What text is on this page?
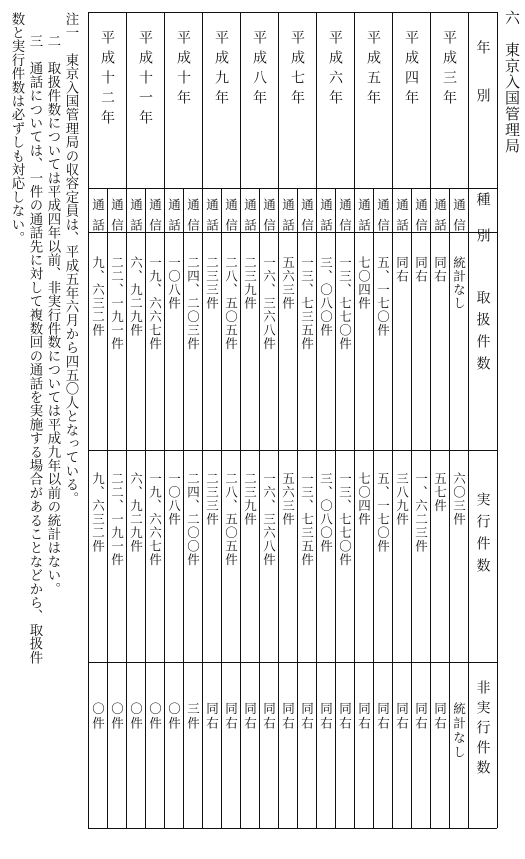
六　東京入国管理局
年　別
種　別
取扱件数
実行件数
非実行件数
平成三年
平成四年
平成五年
平成六年
平成七年
平成八年
平成九年
平成十年
平成十一年
平成十二年
通信
統計なし
六〇三件
統計なし
通話
同右
五七件
同右
通信
同右
一、六二三件
同右
通話
同右
三八九件
同右
通信
五、一七〇件
五、一七〇件
同右
通話
七〇四件
七〇四件
同右
通信
一三、七七〇件
一三、七七〇件
同右
通話
三、〇八〇件
三、〇八〇件
同右
通信
一三、七三五件
一三、七三五件
同右
通話
五六三件
五六三件
同右
通信
一六、三六八件
一六、三六八件
同右
通話
二三九件
二三九件
同右
通信
二八、五〇五件
二八、五〇五件
同右
通話
二三三件
二三三件
同右
通信
二四、二〇三件
二四、二〇〇件
三件
通話
一〇八件
一〇八件
〇件
通信
一九、六六七件
一九、六六七件
〇件
通話
六、九二九件
六、九二九件
〇件
通信
二二、一九一件
二二、一九一件
〇件
通話
九、六三二件
九、六三二件
〇件
注一　東京入国管理局の収容定員は、平成五年六月から四五〇人となっている。
二　取扱件数については平成四年以前、非実行件数については平成九年以前の統計はない。
三　通話については、一件の通話先に対して複数回の通話を実施する場合があることなどから、取扱件
数と実行件数は必ずしも対応しない。
